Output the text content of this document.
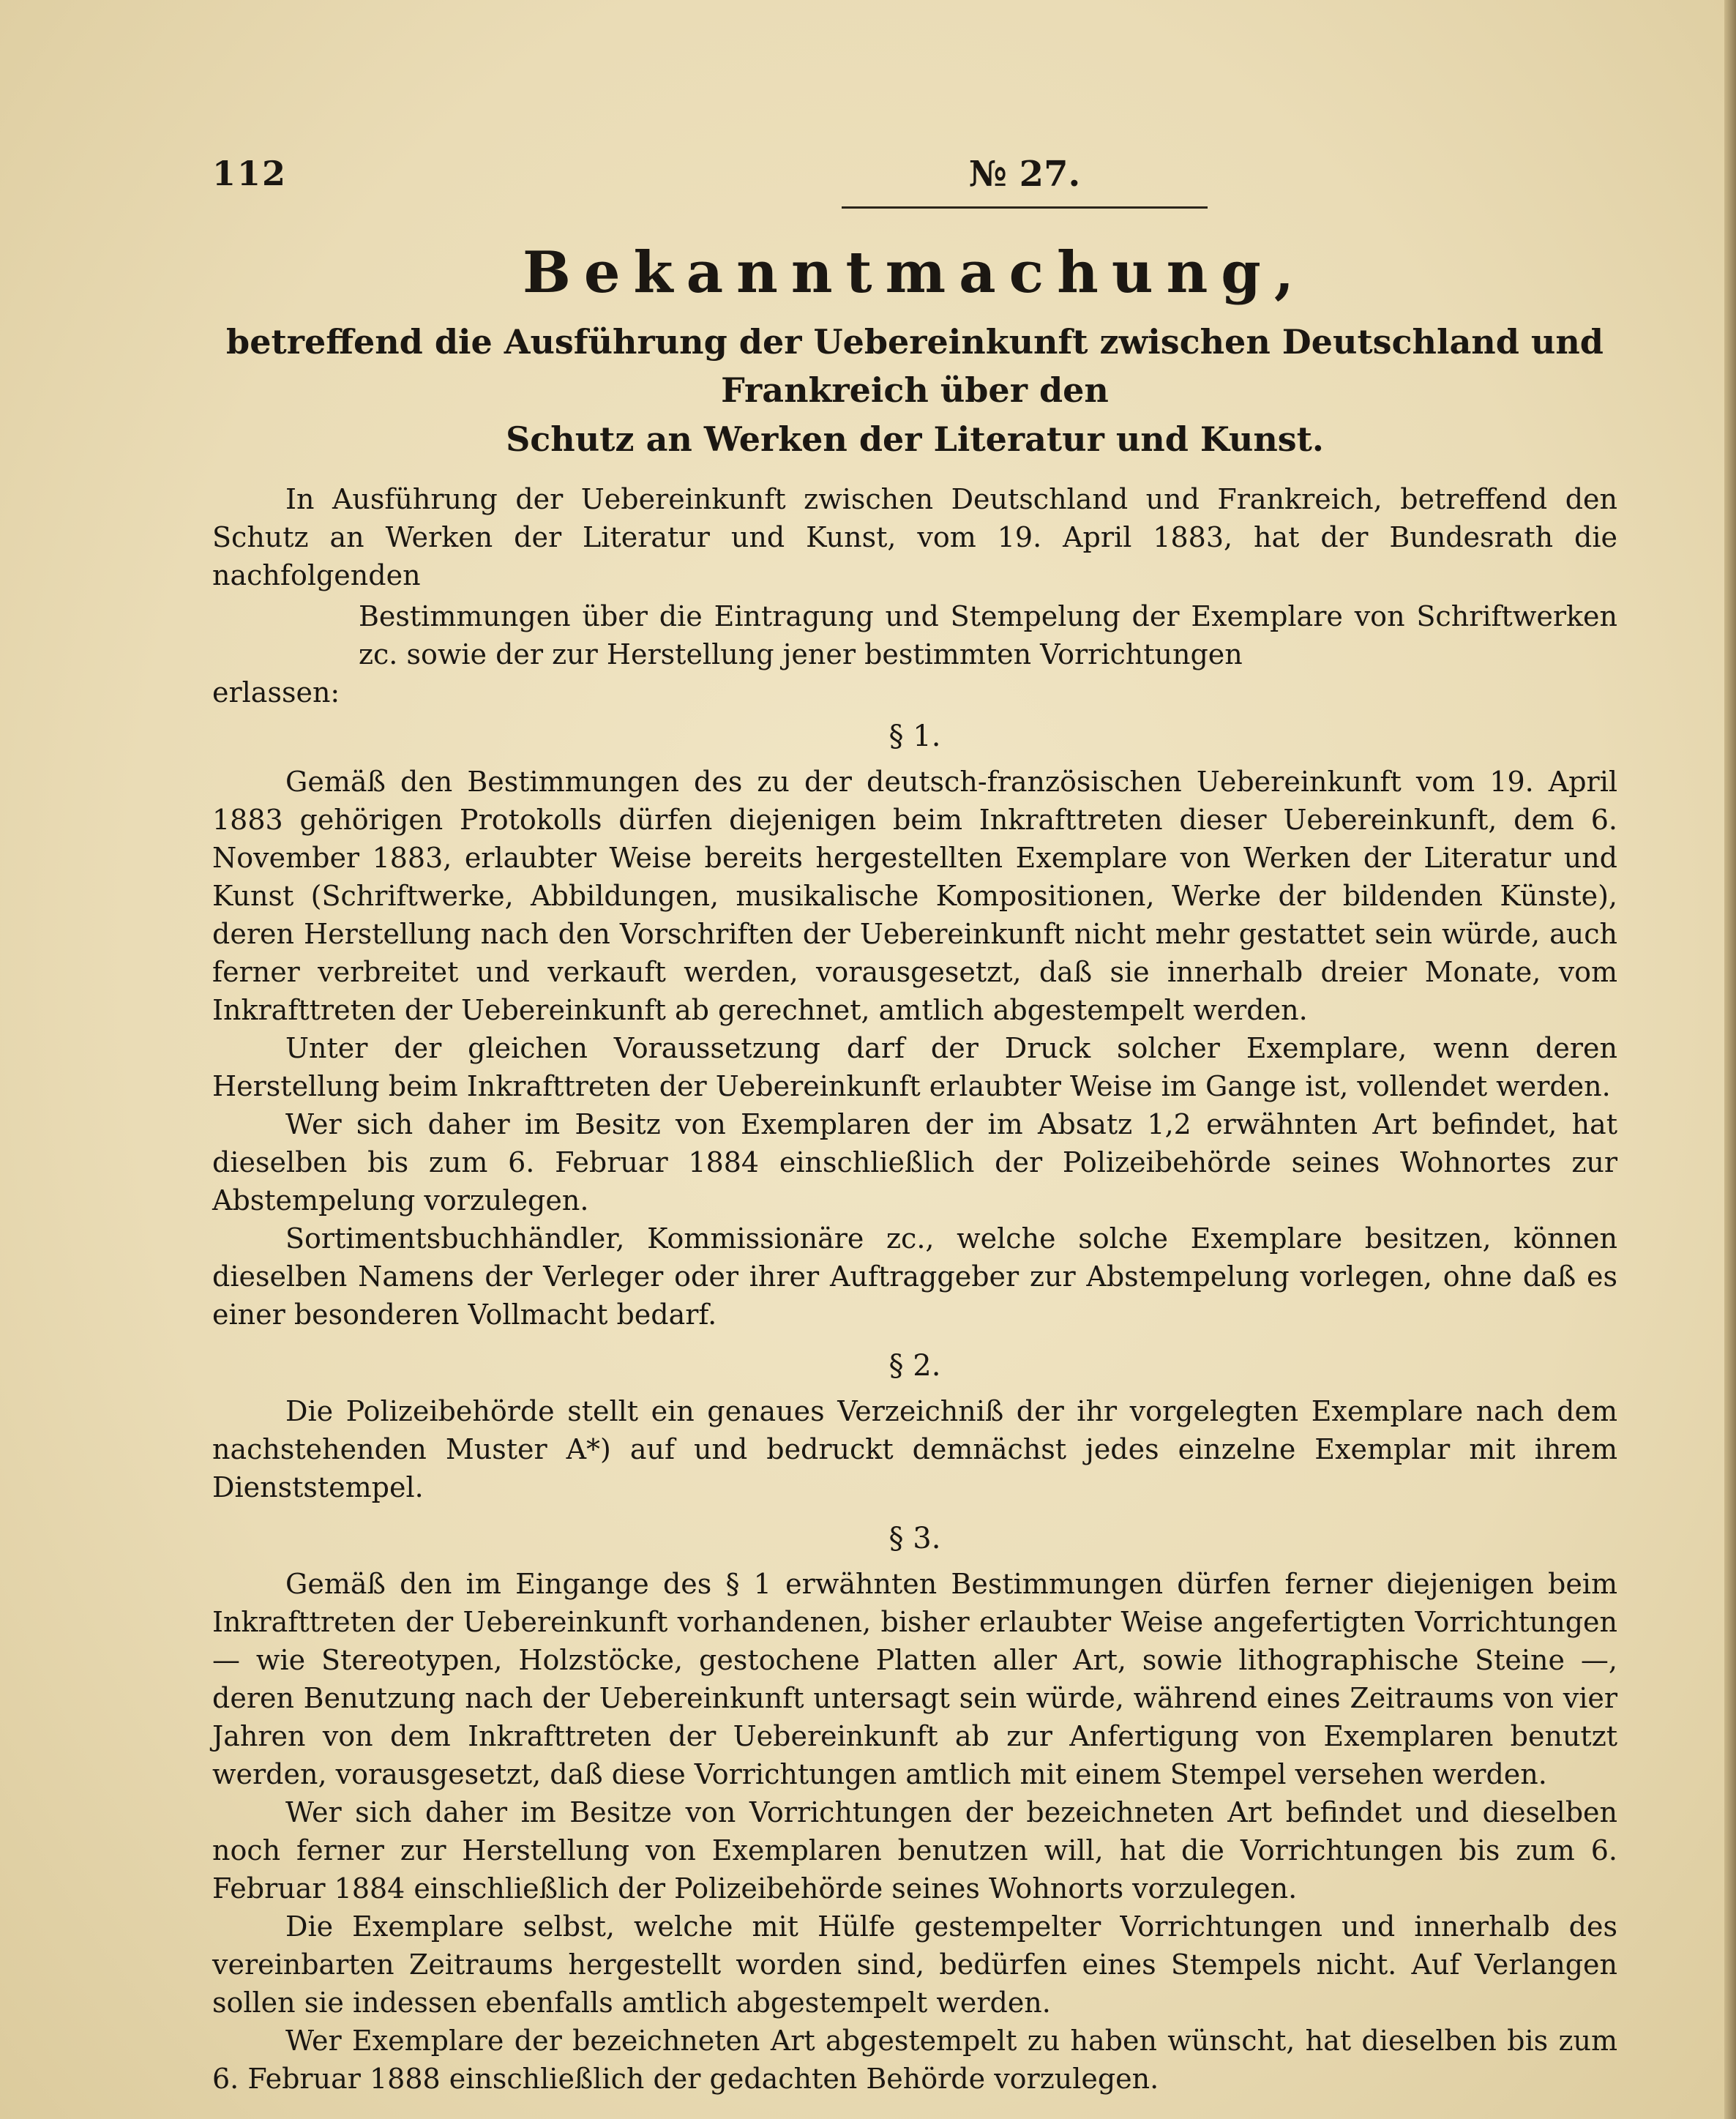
112	№ 27.
Bekanntmachung,
betreffend die Ausführung der Uebereinkunft zwischen Deutschland und Frankreich über den
Schutz an Werken der Literatur und Kunst.

In Ausführung der Uebereinkunft zwischen Deutschland und Frankreich, betreffend den Schutz an Werken der Literatur und Kunst, vom 19. April 1883, hat der Bundesrath die nachfolgenden

Bestimmungen über die Eintragung und Stempelung der Exemplare von Schriftwerken zc. sowie der zur Herstellung jener bestimmten Vorrichtungen

erlassen:

§ 1.

Gemäß den Bestimmungen des zu der deutsch-französischen Uebereinkunft vom 19. April 1883 gehörigen Protokolls dürfen diejenigen beim Inkrafttreten dieser Uebereinkunft, dem 6. November 1883, erlaubter Weise bereits hergestellten Exemplare von Werken der Literatur und Kunst (Schriftwerke, Abbildungen, musikalische Kompositionen, Werke der bildenden Künste), deren Herstellung nach den Vorschriften der Uebereinkunft nicht mehr gestattet sein würde, auch ferner verbreitet und verkauft werden, vorausgesetzt, daß sie innerhalb dreier Monate, vom Inkrafttreten der Uebereinkunft ab gerechnet, amtlich abgestempelt werden.

Unter der gleichen Voraussetzung darf der Druck solcher Exemplare, wenn deren Herstellung beim Inkrafttreten der Uebereinkunft erlaubter Weise im Gange ist, vollendet werden.

Wer sich daher im Besitz von Exemplaren der im Absatz 1,2 erwähnten Art befindet, hat dieselben bis zum 6. Februar 1884 einschließlich der Polizeibehörde seines Wohnortes zur Abstempelung vorzulegen.

Sortimentsbuchhändler, Kommissionäre zc., welche solche Exemplare besitzen, können dieselben Namens der Verleger oder ihrer Auftraggeber zur Abstempelung vorlegen, ohne daß es einer besonderen Vollmacht bedarf.

§ 2.

Die Polizeibehörde stellt ein genaues Verzeichniß der ihr vorgelegten Exemplare nach dem nachstehenden Muster A*) auf und bedruckt demnächst jedes einzelne Exemplar mit ihrem Dienststempel.

§ 3.

Gemäß den im Eingange des § 1 erwähnten Bestimmungen dürfen ferner diejenigen beim Inkrafttreten der Uebereinkunft vorhandenen, bisher erlaubter Weise angefertigten Vorrichtungen — wie Stereotypen, Holzstöcke, gestochene Platten aller Art, sowie lithographische Steine —, deren Benutzung nach der Uebereinkunft untersagt sein würde, während eines Zeitraums von vier Jahren von dem Inkrafttreten der Uebereinkunft ab zur Anfertigung von Exemplaren benutzt werden, vorausgesetzt, daß diese Vorrichtungen amtlich mit einem Stempel versehen werden.

Wer sich daher im Besitze von Vorrichtungen der bezeichneten Art befindet und dieselben noch ferner zur Herstellung von Exemplaren benutzen will, hat die Vorrichtungen bis zum 6. Februar 1884 einschließlich der Polizeibehörde seines Wohnorts vorzulegen.

Die Exemplare selbst, welche mit Hülfe gestempelter Vorrichtungen und innerhalb des vereinbarten Zeitraums hergestellt worden sind, bedürfen eines Stempels nicht. Auf Verlangen sollen sie indessen ebenfalls amtlich abgestempelt werden.

Wer Exemplare der bezeichneten Art abgestempelt zu haben wünscht, hat dieselben bis zum 6. Februar 1888 einschließlich der gedachten Behörde vorzulegen.
